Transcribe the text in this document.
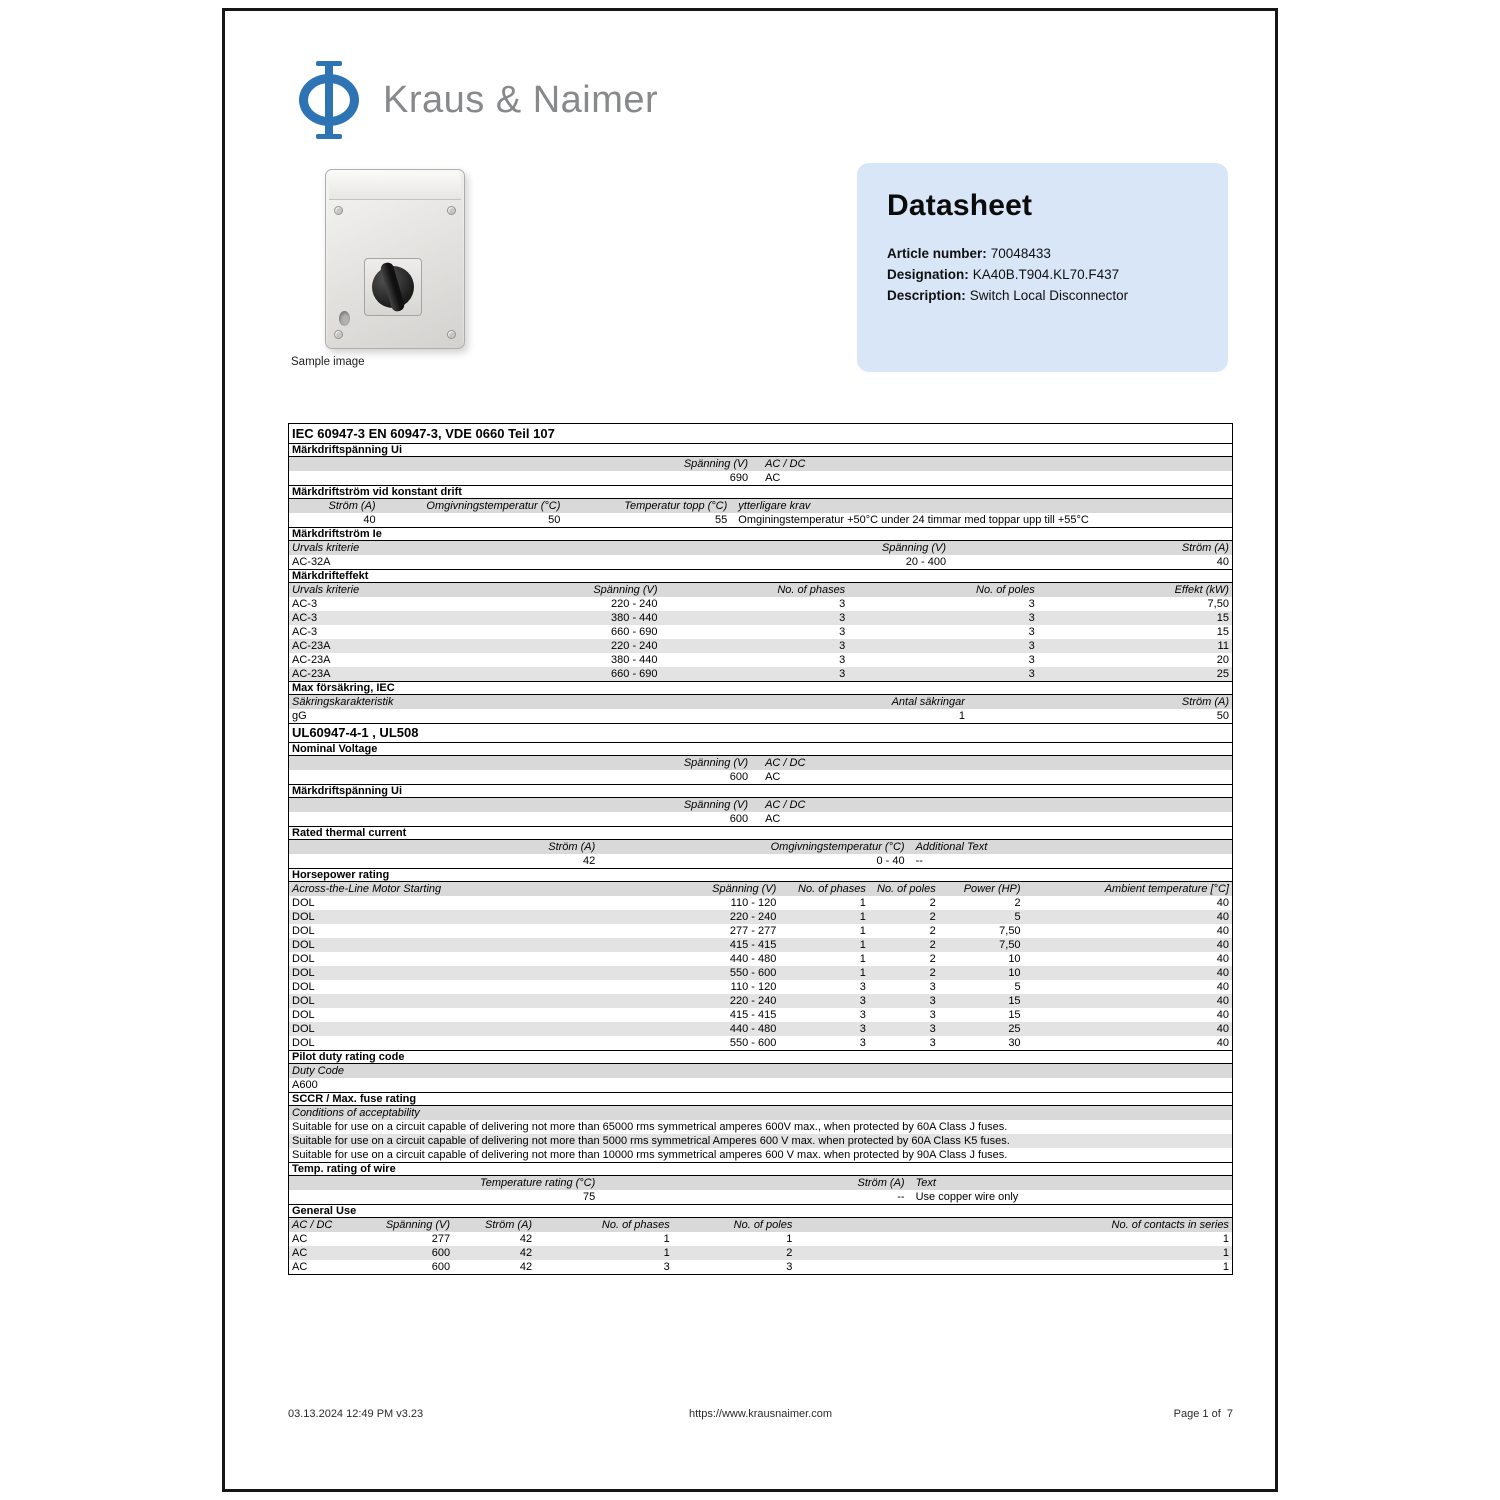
Kraus & Naimer
Sample image
Datasheet
Article number: 70048433
Designation: KA40B.T904.KL70.F437
Description: Switch Local Disconnector
IEC 60947-3 EN 60947-3, VDE 0660 Teil 107
Märkdriftspänning Ui
Spänning (V)	AC / DC
690	AC
Märkdriftström vid konstant drift
Ström (A)	Omgivningstemperatur (°C)	Temperatur topp (°C)	ytterligare krav
40	50	55	Omginingstemperatur +50°C under 24 timmar med toppar upp till +55°C
Märkdriftström Ie
Urvals kriterie	Spänning (V)	Ström (A)
AC-32A	20 - 400	40
Märkdrifteffekt
Urvals kriterie	Spänning (V)	No. of phases	No. of poles	Effekt (kW)
AC-3	220 - 240	3	3	7,50
AC-3	380 - 440	3	3	15
AC-3	660 - 690	3	3	15
AC-23A	220 - 240	3	3	11
AC-23A	380 - 440	3	3	20
AC-23A	660 - 690	3	3	25
Max försäkring, IEC
Säkringskarakteristik	Antal säkringar	Ström (A)
gG	1	50
UL60947-4-1 , UL508
Nominal Voltage
Spänning (V)	AC / DC
600	AC
Märkdriftspänning Ui
Spänning (V)	AC / DC
600	AC
Rated thermal current
Ström (A)	Omgivningstemperatur (°C)	Additional Text
42	0 - 40	--
Horsepower rating
Across-the-Line Motor Starting	Spänning (V)	No. of phases	No. of poles	Power (HP)	Ambient temperature [°C]
DOL	110 - 120	1	2	2	40
DOL	220 - 240	1	2	5	40
DOL	277 - 277	1	2	7,50	40
DOL	415 - 415	1	2	7,50	40
DOL	440 - 480	1	2	10	40
DOL	550 - 600	1	2	10	40
DOL	110 - 120	3	3	5	40
DOL	220 - 240	3	3	15	40
DOL	415 - 415	3	3	15	40
DOL	440 - 480	3	3	25	40
DOL	550 - 600	3	3	30	40
Pilot duty rating code
Duty Code
A600
SCCR / Max. fuse rating
Conditions of acceptability
Suitable for use on a circuit capable of delivering not more than 65000 rms symmetrical amperes 600V max., when protected by 60A Class J fuses.
Suitable for use on a circuit capable of delivering not more than 5000 rms symmetrical Amperes 600 V max. when protected by 60A Class K5 fuses.
Suitable for use on a circuit capable of delivering not more than 10000 rms symmetrical amperes 600 V max. when protected by 90A Class J fuses.
Temp. rating of wire
Temperature rating (°C)	Ström (A)	Text
75	--	Use copper wire only
General Use
AC / DC	Spänning (V)	Ström (A)	No. of phases	No. of poles	No. of contacts in series
AC	277	42	1	1	1
AC	600	42	1	2	1
AC	600	42	3	3	1
03.13.2024 12:49 PM v3.23	https://www.krausnaimer.com	Page 1 of  7
